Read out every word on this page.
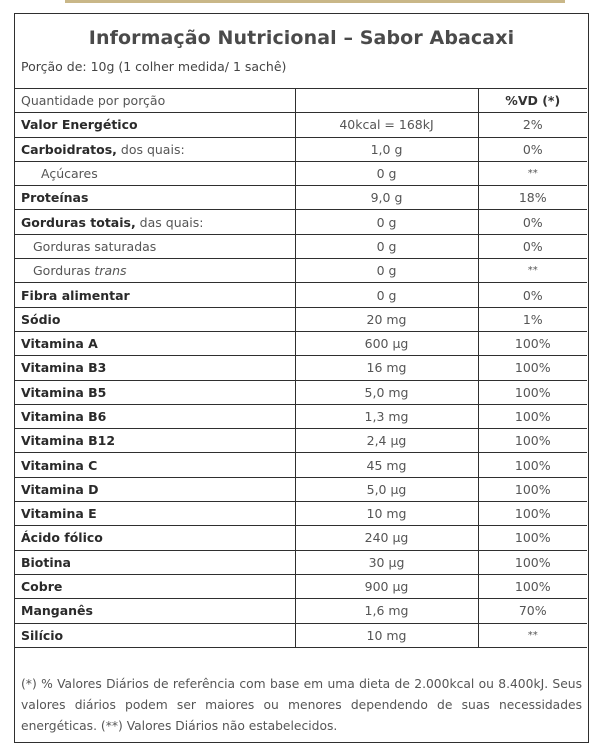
Informação Nutricional – Sabor Abacaxi
Porção de: 10g (1 colher medida/ 1 sachê)
Quantidade por porção		%VD (*)
Valor Energético	40kcal = 168kJ	2%
Carboidratos, dos quais:	1,0 g	0%
Açúcares	0 g	**
Proteínas	9,0 g	18%
Gorduras totais, das quais:	0 g	0%
Gorduras saturadas	0 g	0%
Gorduras trans	0 g	**
Fibra alimentar	0 g	0%
Sódio	20 mg	1%
Vitamina A	600 µg	100%
Vitamina B3	16 mg	100%
Vitamina B5	5,0 mg	100%
Vitamina B6	1,3 mg	100%
Vitamina B12	2,4 µg	100%
Vitamina C	45 mg	100%
Vitamina D	5,0 µg	100%
Vitamina E	10 mg	100%
Ácido fólico	240 µg	100%
Biotina	30 µg	100%
Cobre	900 µg	100%
Manganês	1,6 mg	70%
Silício	10 mg	**
(*) % Valores Diários de referência com base em uma dieta de 2.000kcal ou 8.400kJ. Seus valores diários podem ser maiores ou menores dependendo de suas necessidades energéticas. (**) Valores Diários não estabelecidos.
